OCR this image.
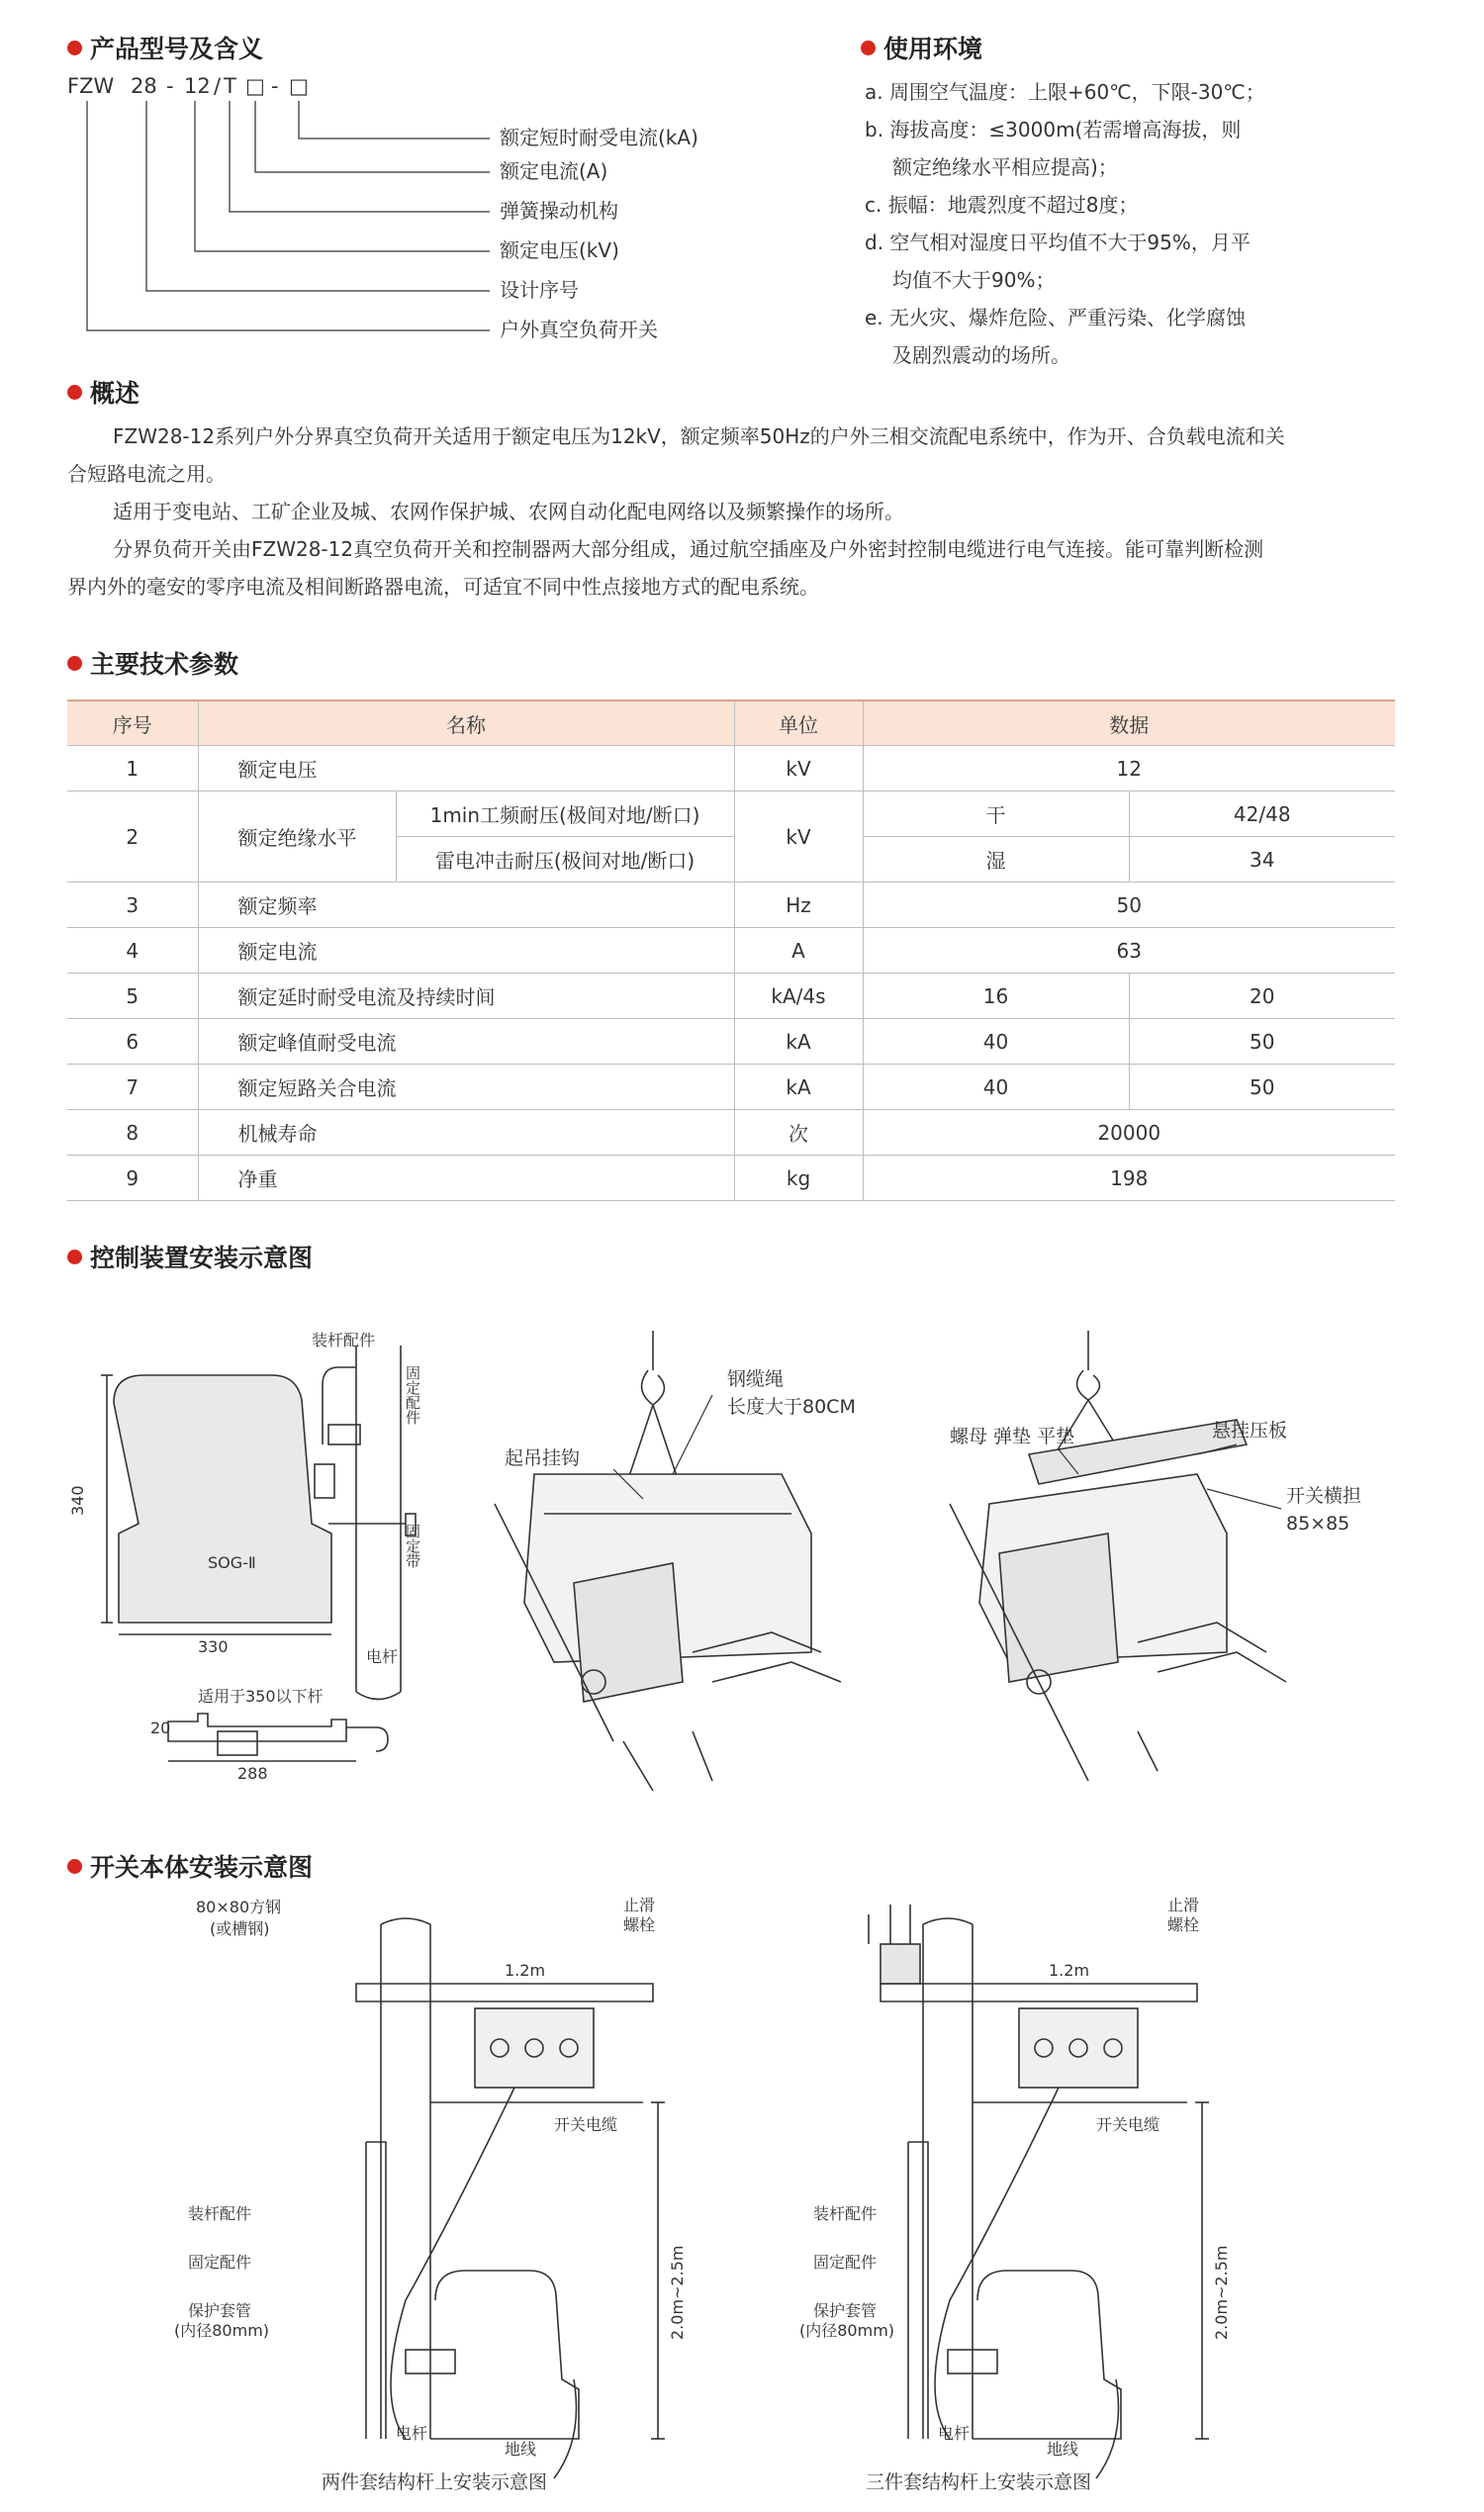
产品型号及含义
FZW 28 - 12 / T □ - □
额定短时耐受电流(kA)
额定电流(A)
弹簧操动机构
额定电压(kV)
设计序号
户外真空负荷开关
使用环境
a. 周围空气温度：上限+60℃，下限-30℃；
b. 海拔高度：≤3000m(若需增高海拔，则
额定绝缘水平相应提高)；
c. 振幅：地震烈度不超过8度；
d. 空气相对湿度日平均值不大于95%，月平
均值不大于90%；
e. 无火灾、爆炸危险、严重污染、化学腐蚀
及剧烈震动的场所。
概述
FZW28-12系列户外分界真空负荷开关适用于额定电压为12kV，额定频率50Hz的户外三相交流配电系统中，作为开、合负载电流和关
合短路电流之用。
适用于变电站、工矿企业及城、农网作保护城、农网自动化配电网络以及频繁操作的场所。
分界负荷开关由FZW28-12真空负荷开关和控制器两大部分组成，通过航空插座及户外密封控制电缆进行电气连接。能可靠判断检测
界内外的毫安的零序电流及相间断路器电流，可适宜不同中性点接地方式的配电系统。
主要技术参数
序号	名称		单位	数据	
1	额定电压		kV	12	
2	额定绝缘水平	1min工频耐压(极间对地/断口)	kV	干	42/48
		雷电冲击耐压(极间对地/断口)		湿	34
3	额定频率		Hz	50	
4	额定电流		A	63	
5	额定延时耐受电流及持续时间		kA/4s	16	20
6	额定峰值耐受电流		kA	40	50
7	额定短路关合电流		kA	40	50
8	机械寿命		次	20000	
9	净重		kg	198	
控制装置安装示意图
340
330
SOG-Ⅱ
装杆配件
固定配件
固定带
电杆
适用于350以下杆
20
288
起吊挂钩
钢缆绳
长度大于80CM
螺母 弹垫 平垫	悬挂压板
开关横担
85×85
开关本体安装示意图
80×80方钢
(或槽钢)
1.2m
止滑
螺栓
开关电缆
装杆配件
固定配件
保护套管
(内径80mm)	2.0m~2.5m
电杆
地线
两件套结构杆上安装示意图
1.2m
止滑
螺栓
开关电缆
装杆配件
固定配件
保护套管
(内径80mm)	2.0m~2.5m
电杆
地线
三件套结构杆上安装示意图
